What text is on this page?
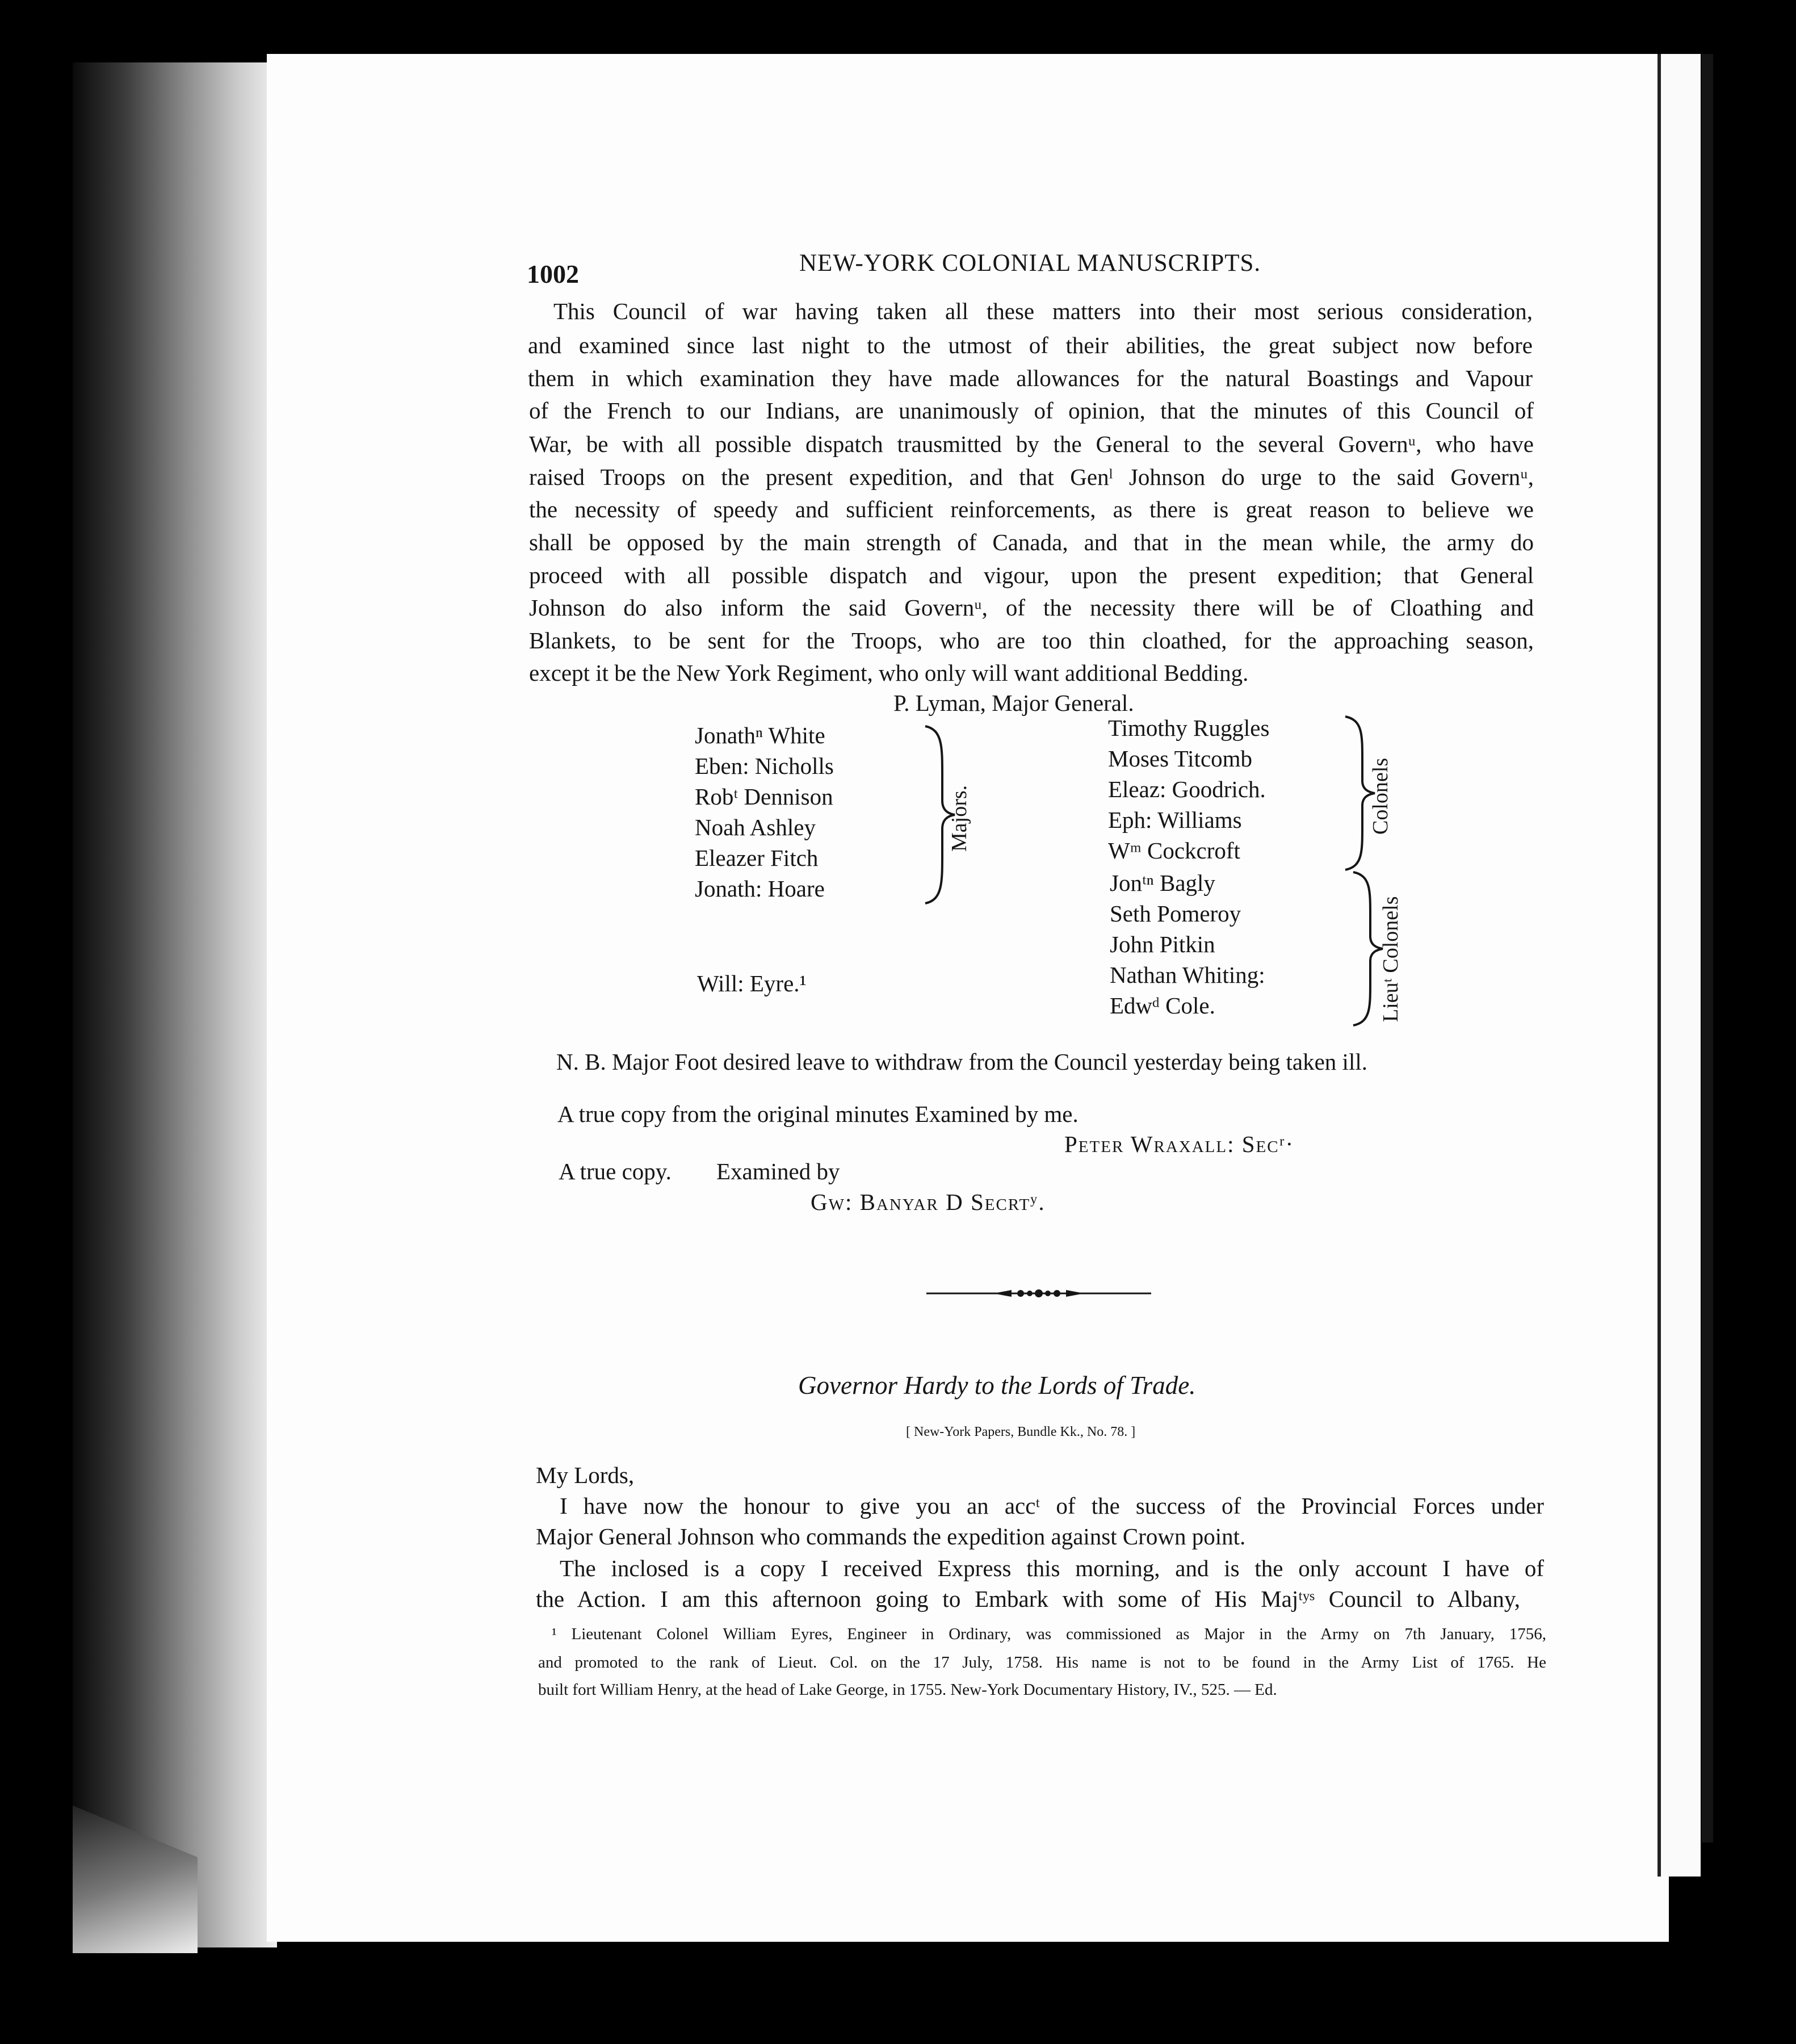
1002	NEW-YORK COLONIAL MANUSCRIPTS.
This Council of war having taken all these matters into their most serious consideration,
and examined since last night to the utmost of their abilities, the great subject now before
them in which examination they have made allowances for the natural Boastings and Vapour
of the French to our Indians, are unanimously of opinion, that the minutes of this Council of
War, be with all possible dispatch trausmitted by the General to the several Governᵘ, who have
raised Troops on the present expedition, and that Genˡ Johnson do urge to the said Governᵘ,
the necessity of speedy and sufficient reinforcements, as there is great reason to believe we
shall be opposed by the main strength of Canada, and that in the mean while, the army do
proceed with all possible dispatch and vigour, upon the present expedition; that General
Johnson do also inform the said Governᵘ, of the necessity there will be of Cloathing and
Blankets, to be sent for the Troops, who are too thin cloathed, for the approaching season,
except it be the New York Regiment, who only will want additional Bedding.
P. Lyman, Major General.
Jonathⁿ White
Eben: Nicholls
Robᵗ Dennison
Noah Ashley
Eleazer Fitch
Jonath: Hoare
Will: Eyre.¹
Majors.
Timothy Ruggles
Moses Titcomb
Eleaz: Goodrich.
Eph: Williams
Wᵐ Cockcroft
Colonels
Jonᵗⁿ Bagly
Seth Pomeroy
John Pitkin
Nathan Whiting:
Edwᵈ Cole.	Lieuᵗ Colonels
N. B. Major Foot desired leave to withdraw from the Council yesterday being taken ill.
A true copy from the original minutes Examined by me.
Peter Wraxall: Secʳ·
A true copy. Examined by
Gw: Banyar D Secrtʸ.
Governor Hardy to the Lords of Trade.
[ New-York Papers, Bundle Kk., No. 78. ]
My Lords,
I have now the honour to give you an accᵗ of the success of the Provincial Forces under
Major General Johnson who commands the expedition against Crown point.
The inclosed is a copy I received Express this morning, and is the only account I have of
the Action. I am this afternoon going to Embark with some of His Majᵗʸˢ Council to Albany,
¹ Lieutenant Colonel William Eyres, Engineer in Ordinary, was commissioned as Major in the Army on 7th January, 1756,
and promoted to the rank of Lieut. Col. on the 17 July, 1758. His name is not to be found in the Army List of 1765. He
built fort William Henry, at the head of Lake George, in 1755. New-York Documentary History, IV., 525. — Ed.
